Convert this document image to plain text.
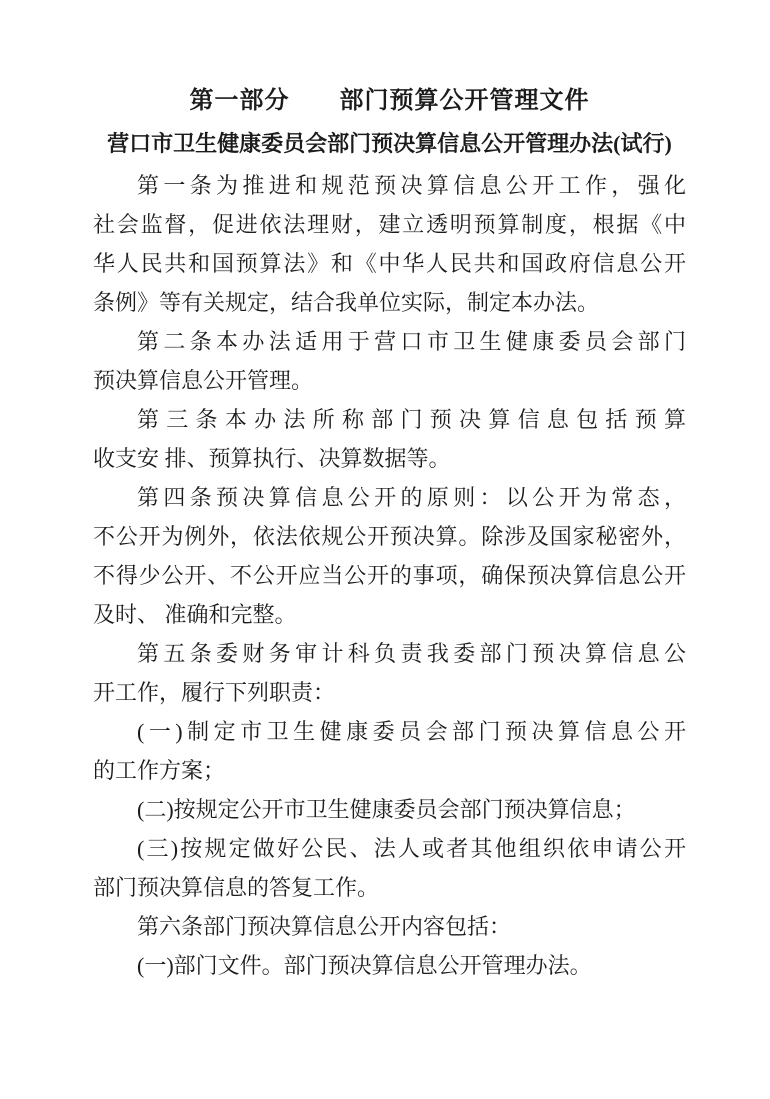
第一部分　　部门预算公开管理文件
营口市卫生健康委员会部门预决算信息公开管理办法(试行)
第一条为推进和规范预决算信息公开工作，强化
社会监督，促进依法理财，建立透明预算制度，根据《中
华人民共和国预算法》和《中华人民共和国政府信息公开
条例》等有关规定，结合我单位实际，制定本办法。
第二条本办法适用于营口市卫生健康委员会部门
预决算信息公开管理。
第三条本办法所称部门预决算信息包括预算
收支安 排、预算执行、决算数据等。
第四条预决算信息公开的原则：以公开为常态，
不公开为例外，依法依规公开预决算。除涉及国家秘密外，
不得少公开、不公开应当公开的事项，确保预决算信息公开
及时、 准确和完整。
第五条委财务审计科负责我委部门预决算信息公
开工作，履行下列职责：
(一)制定市卫生健康委员会部门预决算信息公开
的工作方案；
(二)按规定公开市卫生健康委员会部门预决算信息；
(三)按规定做好公民、法人或者其他组织依申请公开
部门预决算信息的答复工作。
第六条部门预决算信息公开内容包括：
(一)部门文件。部门预决算信息公开管理办法。
